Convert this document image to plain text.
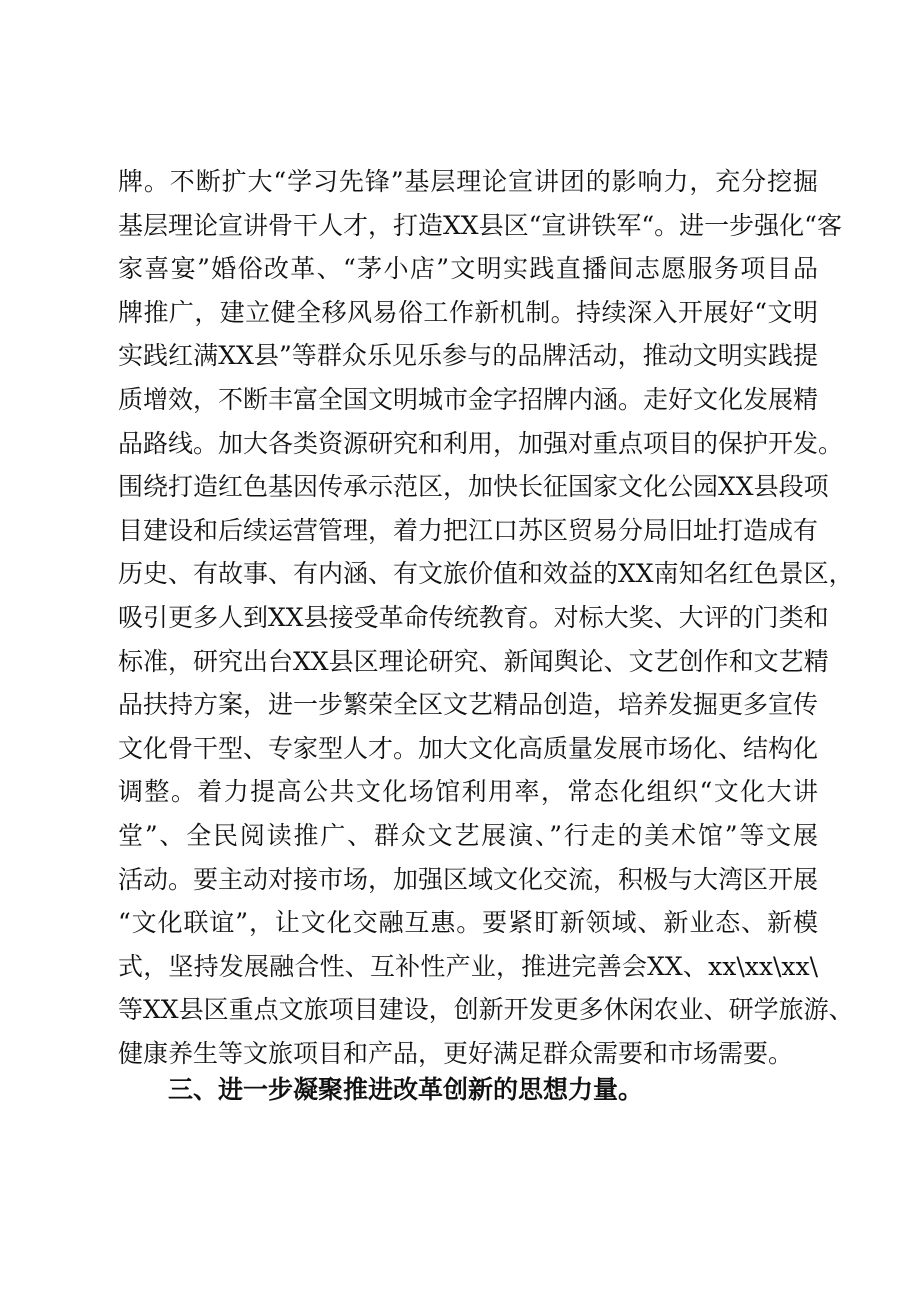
牌。不断扩大“学习先锋”基层理论宣讲团的影响力，充分挖掘
基层理论宣讲骨干人才，打造XX县区“宣讲铁军“。进一步强化“客
家喜宴”婚俗改革、“茅小店”文明实践直播间志愿服务项目品
牌推广，建立健全移风易俗工作新机制。持续深入开展好“文明
实践红满XX县”等群众乐见乐参与的品牌活动，推动文明实践提
质增效，不断丰富全国文明城市金字招牌内涵。走好文化发展精
品路线。加大各类资源研究和利用，加强对重点项目的保护开发。
围绕打造红色基因传承示范区，加快长征国家文化公园XX县段项
目建设和后续运营管理，着力把江口苏区贸易分局旧址打造成有
历史、有故事、有内涵、有文旅价值和效益的XX南知名红色景区，
吸引更多人到XX县接受革命传统教育。对标大奖、大评的门类和
标准，研究出台XX县区理论研究、新闻舆论、文艺创作和文艺精
品扶持方案，进一步繁荣全区文艺精品创造，培养发掘更多宣传
文化骨干型、专家型人才。加大文化高质量发展市场化、结构化
调整。着力提高公共文化场馆利用率，常态化组织“文化大讲
堂”、全民阅读推广、群众文艺展演、”行走的美术馆”等文展
活动。要主动对接市场，加强区域文化交流，积极与大湾区开展
“文化联谊”，让文化交融互惠。要紧盯新领域、新业态、新模
式，坚持发展融合性、互补性产业，推进完善会XX、xx\xx\xx\
等XX县区重点文旅项目建设，创新开发更多休闲农业、研学旅游、
健康养生等文旅项目和产品，更好满足群众需要和市场需要。
三、进一步凝聚推进改革创新的思想力量。
